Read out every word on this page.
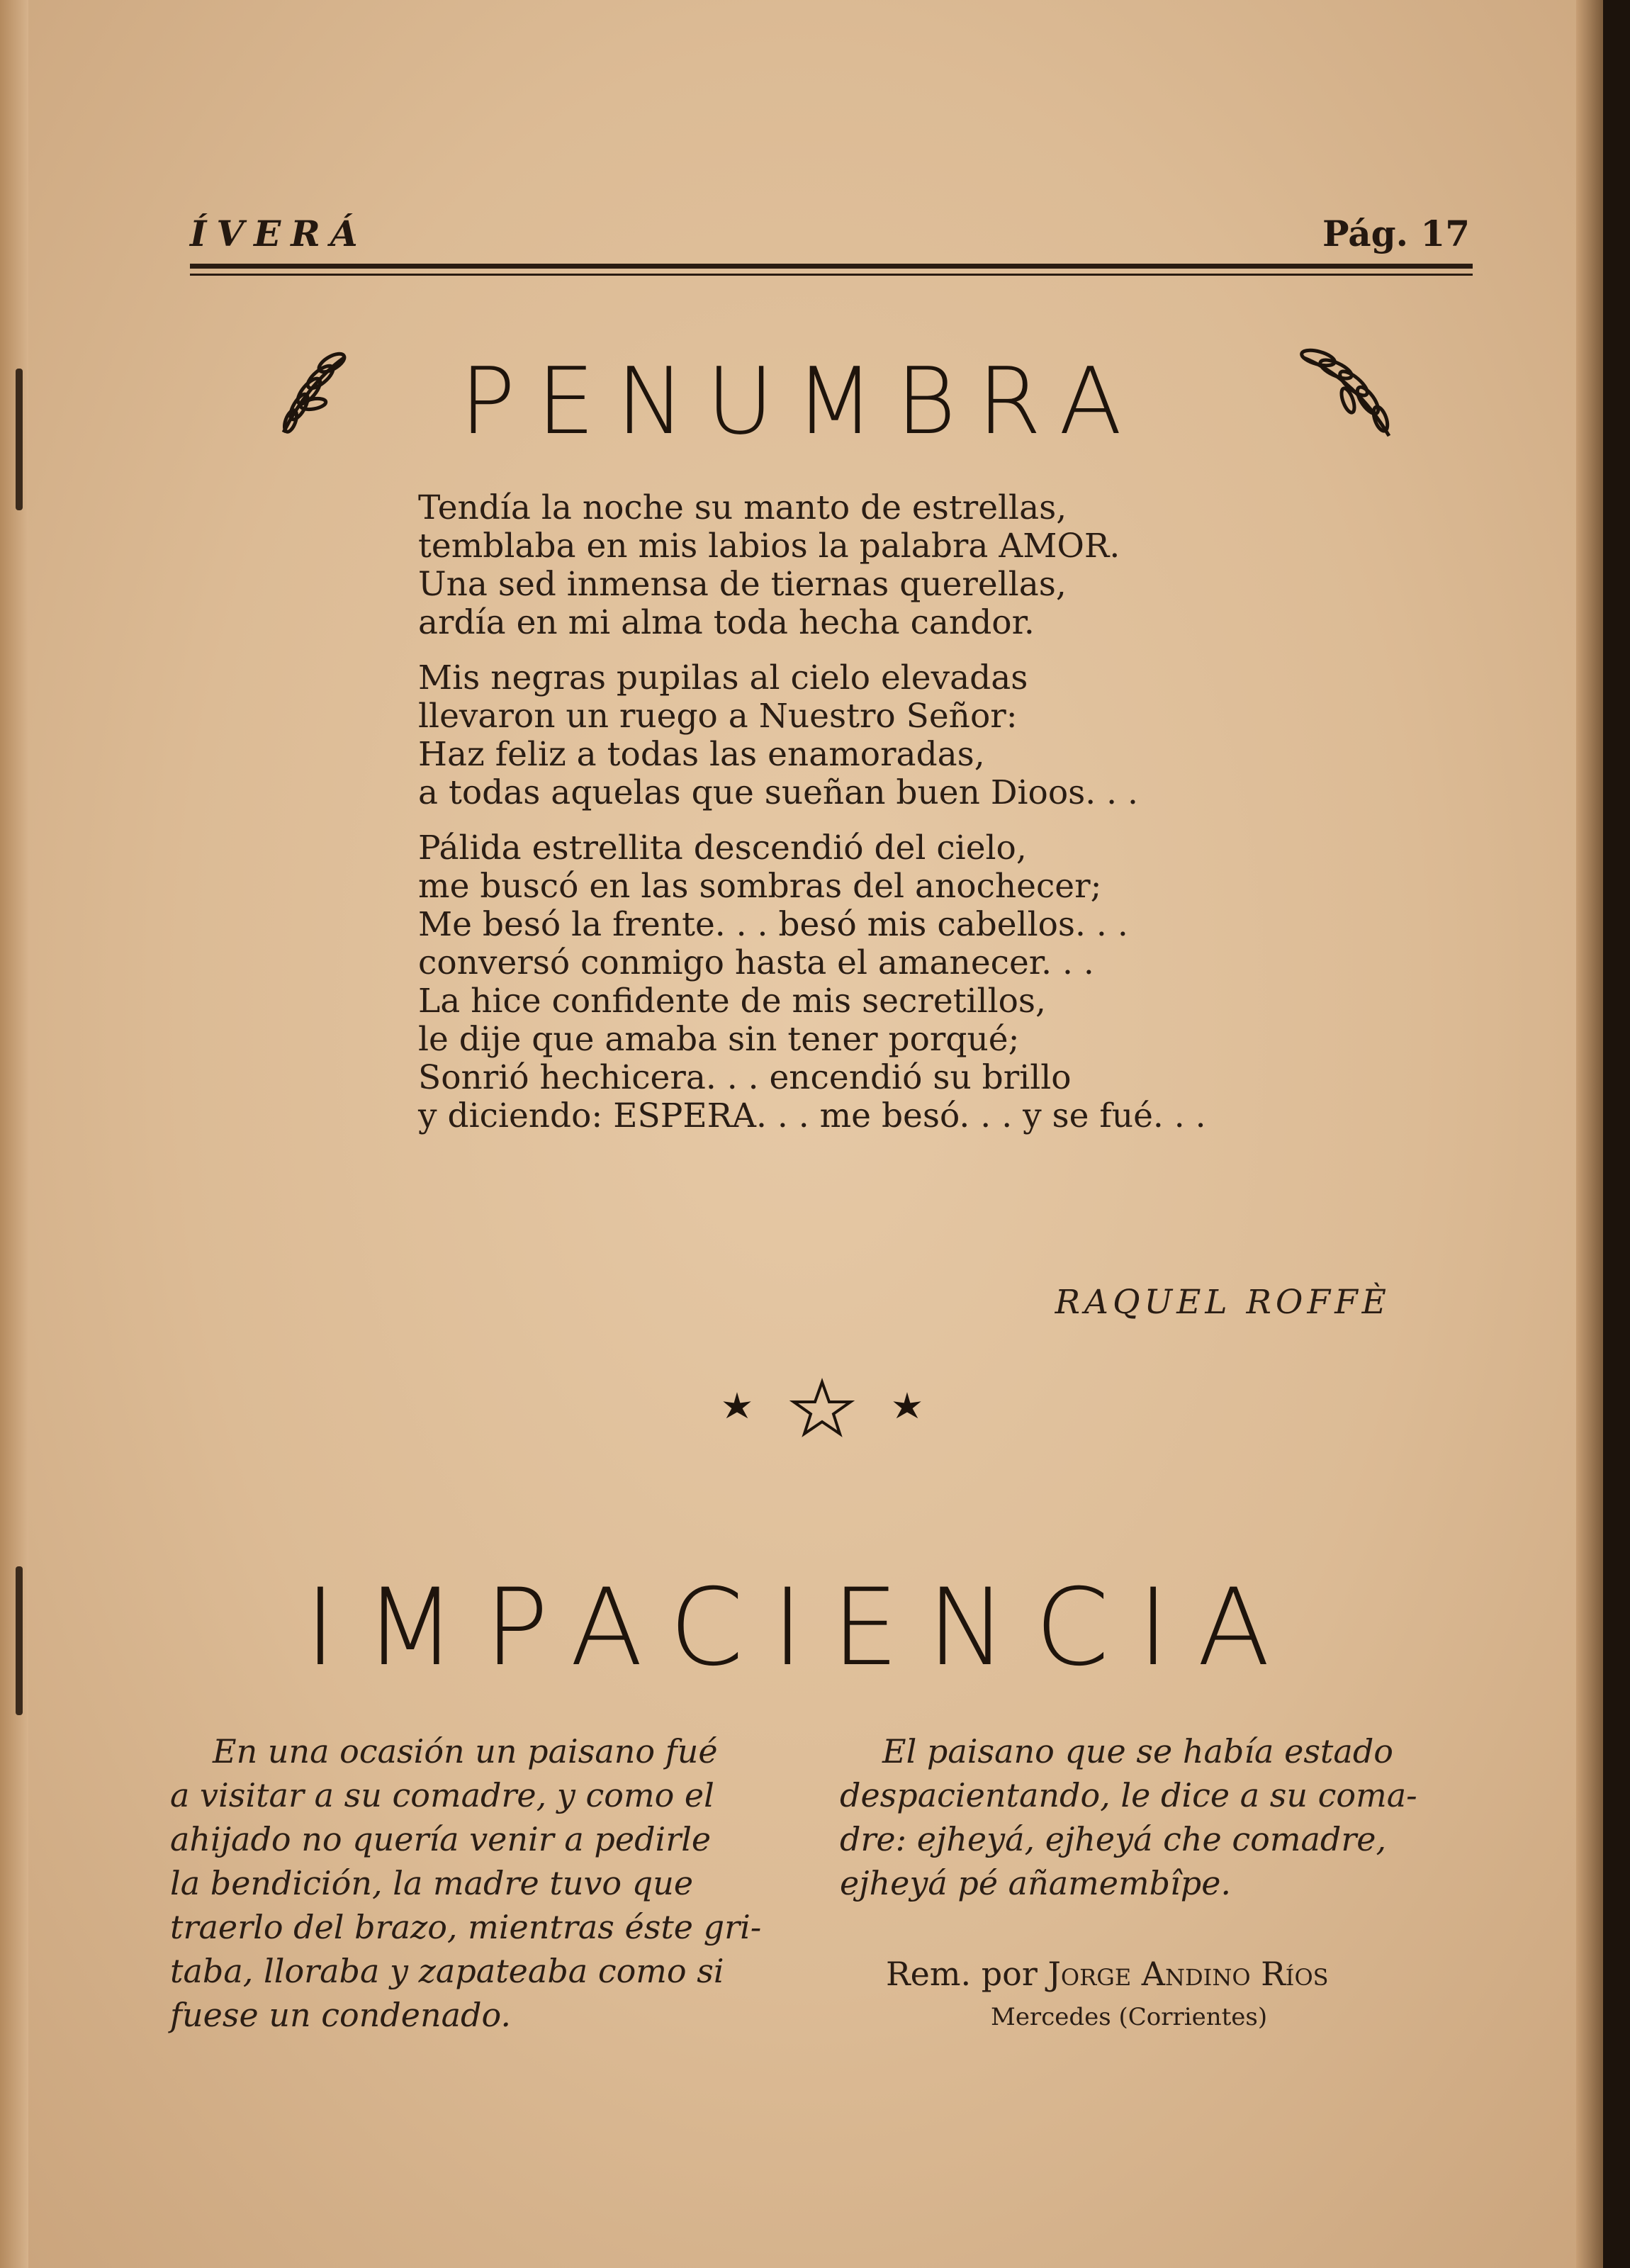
ÍVERÁ	Pág. 17
PENUMBRA
Tendía la noche su manto de estrellas,
temblaba en mis labios la palabra AMOR.
Una sed inmensa de tiernas querellas,
ardía en mi alma toda hecha candor.
Mis negras pupilas al cielo elevadas
llevaron un ruego a Nuestro Señor:
Haz feliz a todas las enamoradas,
a todas aquelas que sueñan buen Dioos. . .
Pálida estrellita descendió del cielo,
me buscó en las sombras del anochecer;
Me besó la frente. . . besó mis cabellos. . .
conversó conmigo hasta el amanecer. . .
La hice confidente de mis secretillos,
le dije que amaba sin tener porqué;
Sonrió hechicera. . . encendió su brillo
y diciendo: ESPERA. . . me besó. . . y se fué. . .
RAQUEL ROFFÈ
IMPACIENCIA
En una ocasión un paisano fué
a visitar a su comadre, y como el
ahijado no quería venir a pedirle
la bendición, la madre tuvo que
traerlo del brazo, mientras éste gri-
taba, lloraba y zapateaba como si
fuese un condenado.
El paisano que se había estado
despacientando, le dice a su coma-
dre: ejheyá, ejheyá che comadre,
ejheyá pé añamembîpe.
Rem. por Jorge Andino Ríos
Mercedes (Corrientes)
